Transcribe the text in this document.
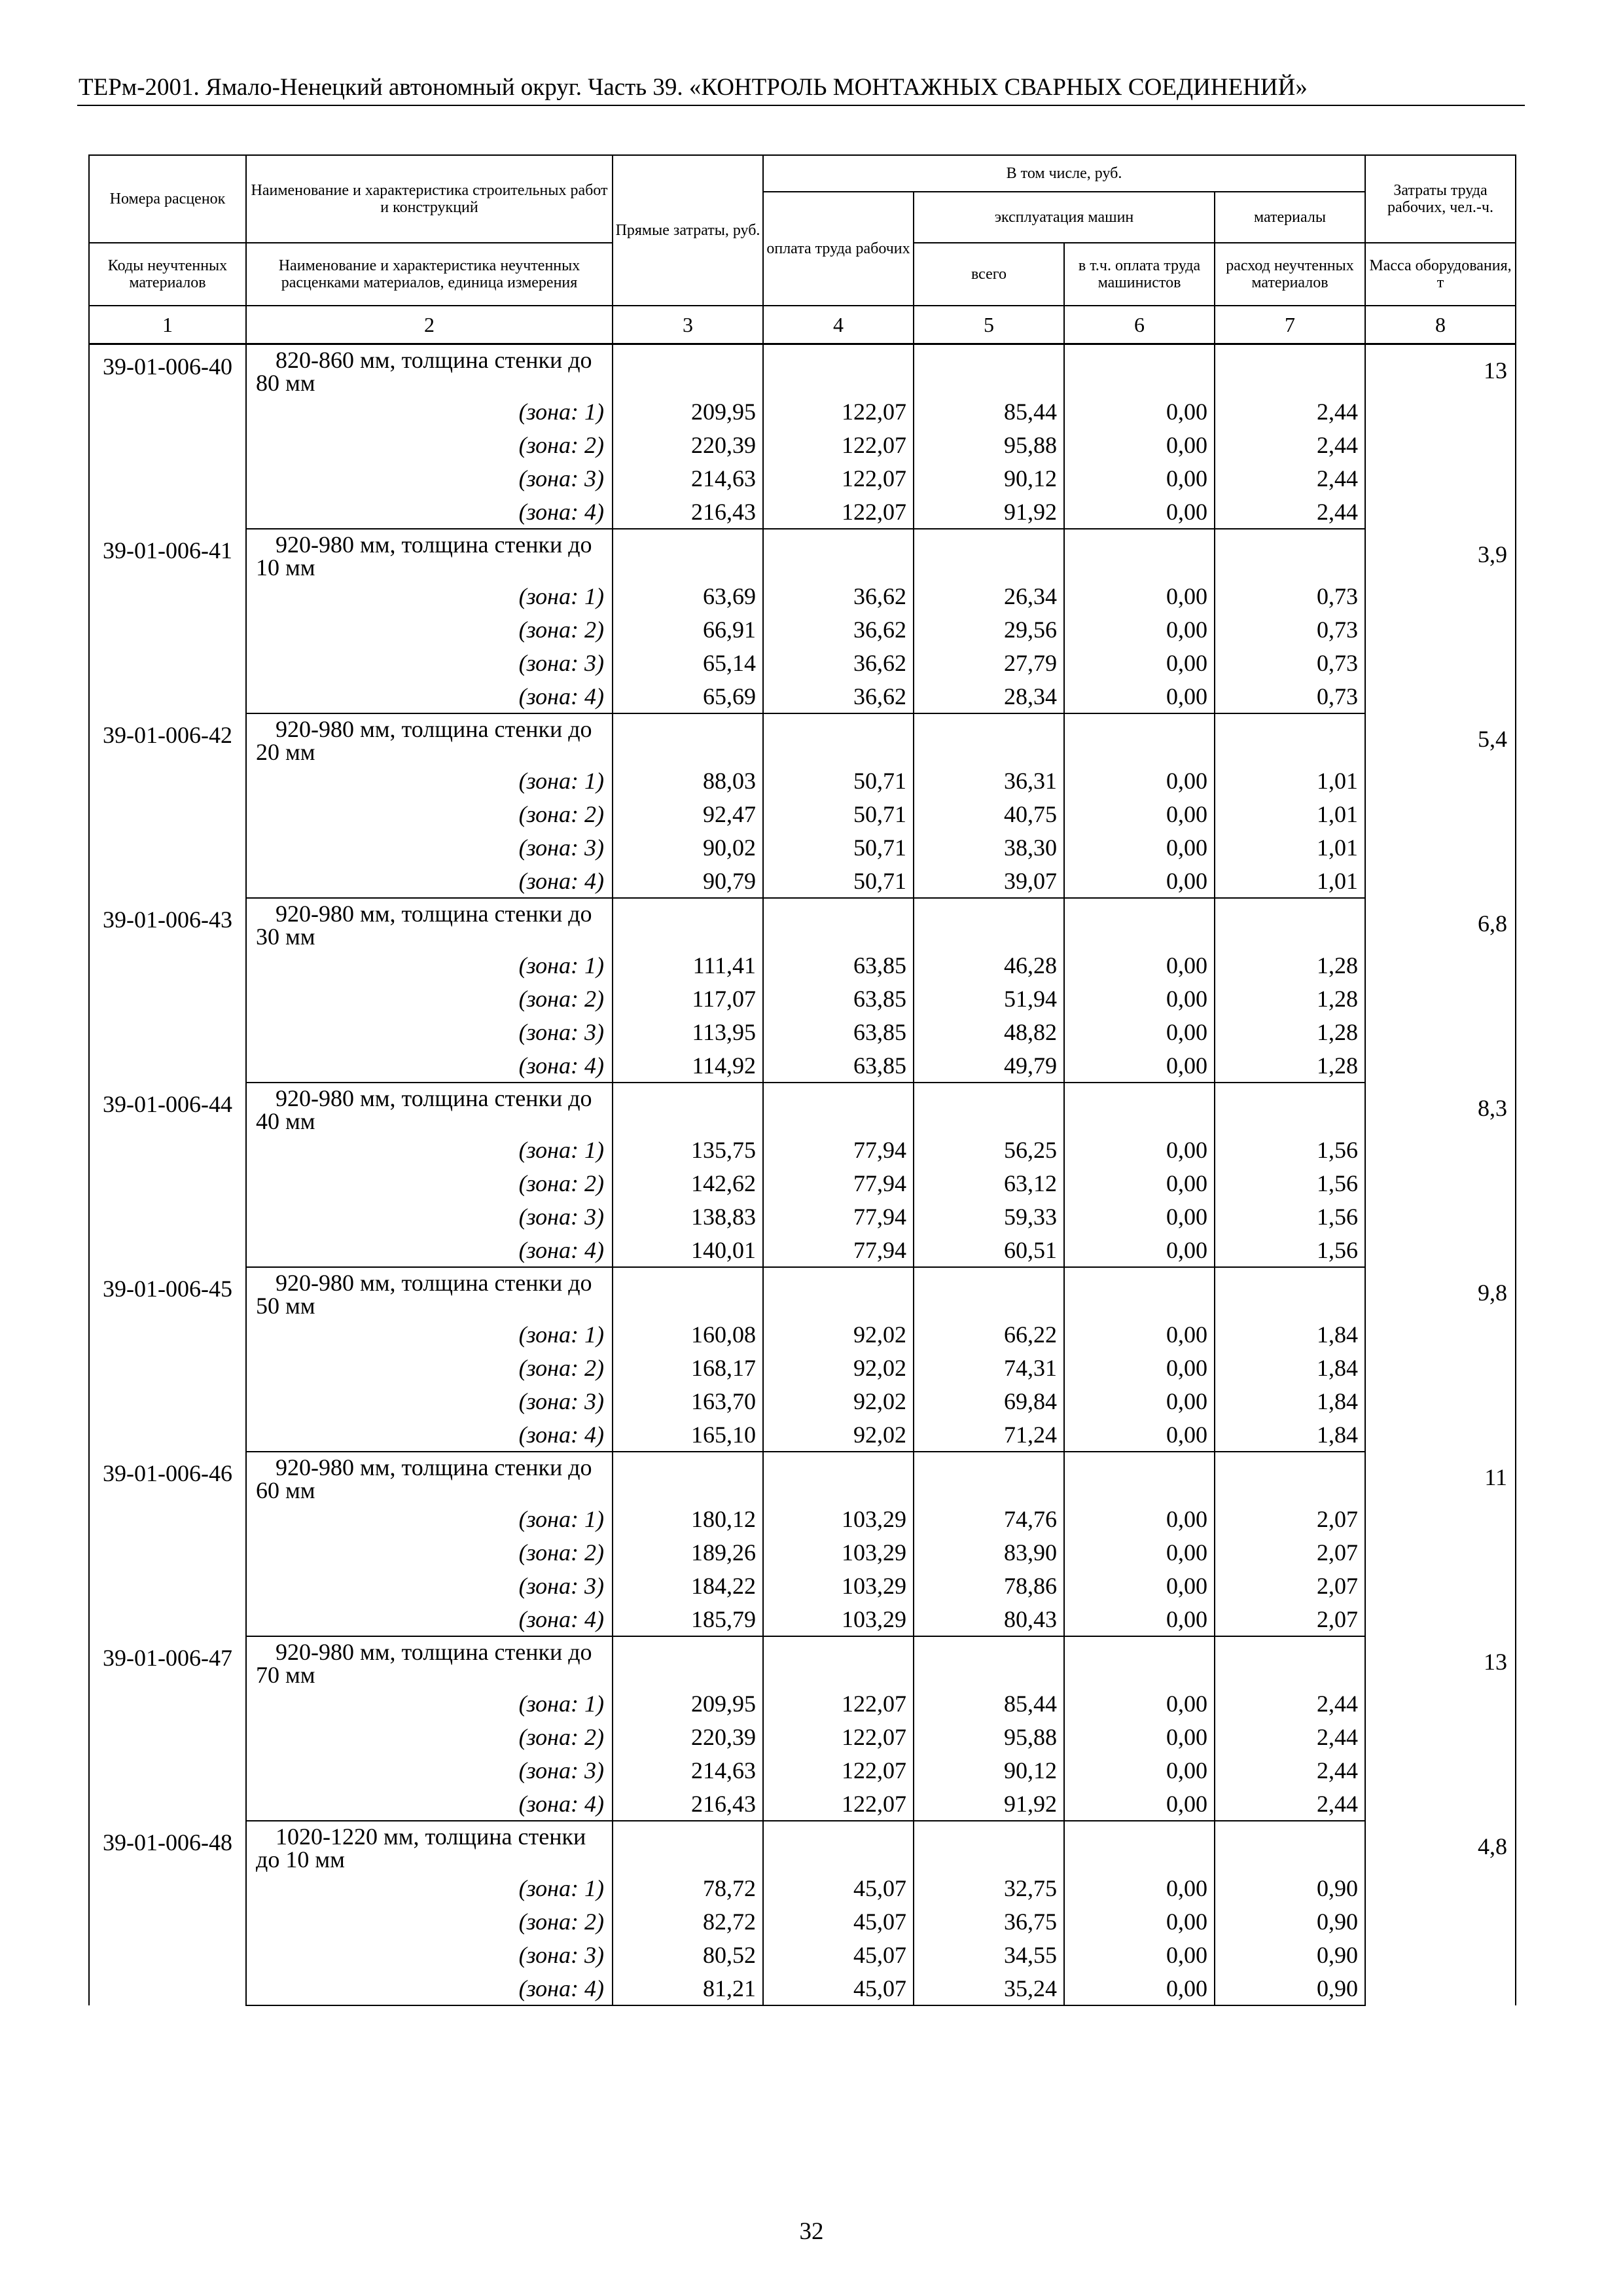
ТЕРм-2001. Ямало-Ненецкий автономный округ. Часть 39. «КОНТРОЛЬ МОНТАЖНЫХ СВАРНЫХ СОЕДИНЕНИЙ»
Номера расценок	Наименование и характеристика строительных работ и конструкций	Прямые затраты, руб.	В том числе, руб.				Затраты труда рабочих, чел.-ч.
			оплата труда рабочих	эксплуатация машин		материалы	
Коды неучтенных материалов	Наименование и характеристика неучтенных расценками материалов, единица измерения			всего	в т.ч. оплата труда машинистов	расход неучтенных материалов	Масса оборудования, т
1	2	3	4	5	6	7	8
39-01-006-40	820-860 мм, толщина стенки до 80 мм						13
	(зона: 1)	209,95	122,07	85,44	0,00	2,44	
	(зона: 2)	220,39	122,07	95,88	0,00	2,44	
	(зона: 3)	214,63	122,07	90,12	0,00	2,44	
	(зона: 4)	216,43	122,07	91,92	0,00	2,44	
39-01-006-41	920-980 мм, толщина стенки до 10 мм						3,9
	(зона: 1)	63,69	36,62	26,34	0,00	0,73	
	(зона: 2)	66,91	36,62	29,56	0,00	0,73	
	(зона: 3)	65,14	36,62	27,79	0,00	0,73	
	(зона: 4)	65,69	36,62	28,34	0,00	0,73	
39-01-006-42	920-980 мм, толщина стенки до 20 мм						5,4
	(зона: 1)	88,03	50,71	36,31	0,00	1,01	
	(зона: 2)	92,47	50,71	40,75	0,00	1,01	
	(зона: 3)	90,02	50,71	38,30	0,00	1,01	
	(зона: 4)	90,79	50,71	39,07	0,00	1,01	
39-01-006-43	920-980 мм, толщина стенки до 30 мм						6,8
	(зона: 1)	111,41	63,85	46,28	0,00	1,28	
	(зона: 2)	117,07	63,85	51,94	0,00	1,28	
	(зона: 3)	113,95	63,85	48,82	0,00	1,28	
	(зона: 4)	114,92	63,85	49,79	0,00	1,28	
39-01-006-44	920-980 мм, толщина стенки до 40 мм						8,3
	(зона: 1)	135,75	77,94	56,25	0,00	1,56	
	(зона: 2)	142,62	77,94	63,12	0,00	1,56	
	(зона: 3)	138,83	77,94	59,33	0,00	1,56	
	(зона: 4)	140,01	77,94	60,51	0,00	1,56	
39-01-006-45	920-980 мм, толщина стенки до 50 мм						9,8
	(зона: 1)	160,08	92,02	66,22	0,00	1,84	
	(зона: 2)	168,17	92,02	74,31	0,00	1,84	
	(зона: 3)	163,70	92,02	69,84	0,00	1,84	
	(зона: 4)	165,10	92,02	71,24	0,00	1,84	
39-01-006-46	920-980 мм, толщина стенки до 60 мм						11
	(зона: 1)	180,12	103,29	74,76	0,00	2,07	
	(зона: 2)	189,26	103,29	83,90	0,00	2,07	
	(зона: 3)	184,22	103,29	78,86	0,00	2,07	
	(зона: 4)	185,79	103,29	80,43	0,00	2,07	
39-01-006-47	920-980 мм, толщина стенки до 70 мм						13
	(зона: 1)	209,95	122,07	85,44	0,00	2,44	
	(зона: 2)	220,39	122,07	95,88	0,00	2,44	
	(зона: 3)	214,63	122,07	90,12	0,00	2,44	
	(зона: 4)	216,43	122,07	91,92	0,00	2,44	
39-01-006-48	1020-1220 мм, толщина стенки до 10 мм						4,8
	(зона: 1)	78,72	45,07	32,75	0,00	0,90	
	(зона: 2)	82,72	45,07	36,75	0,00	0,90	
	(зона: 3)	80,52	45,07	34,55	0,00	0,90	
	(зона: 4)	81,21	45,07	35,24	0,00	0,90	
32
